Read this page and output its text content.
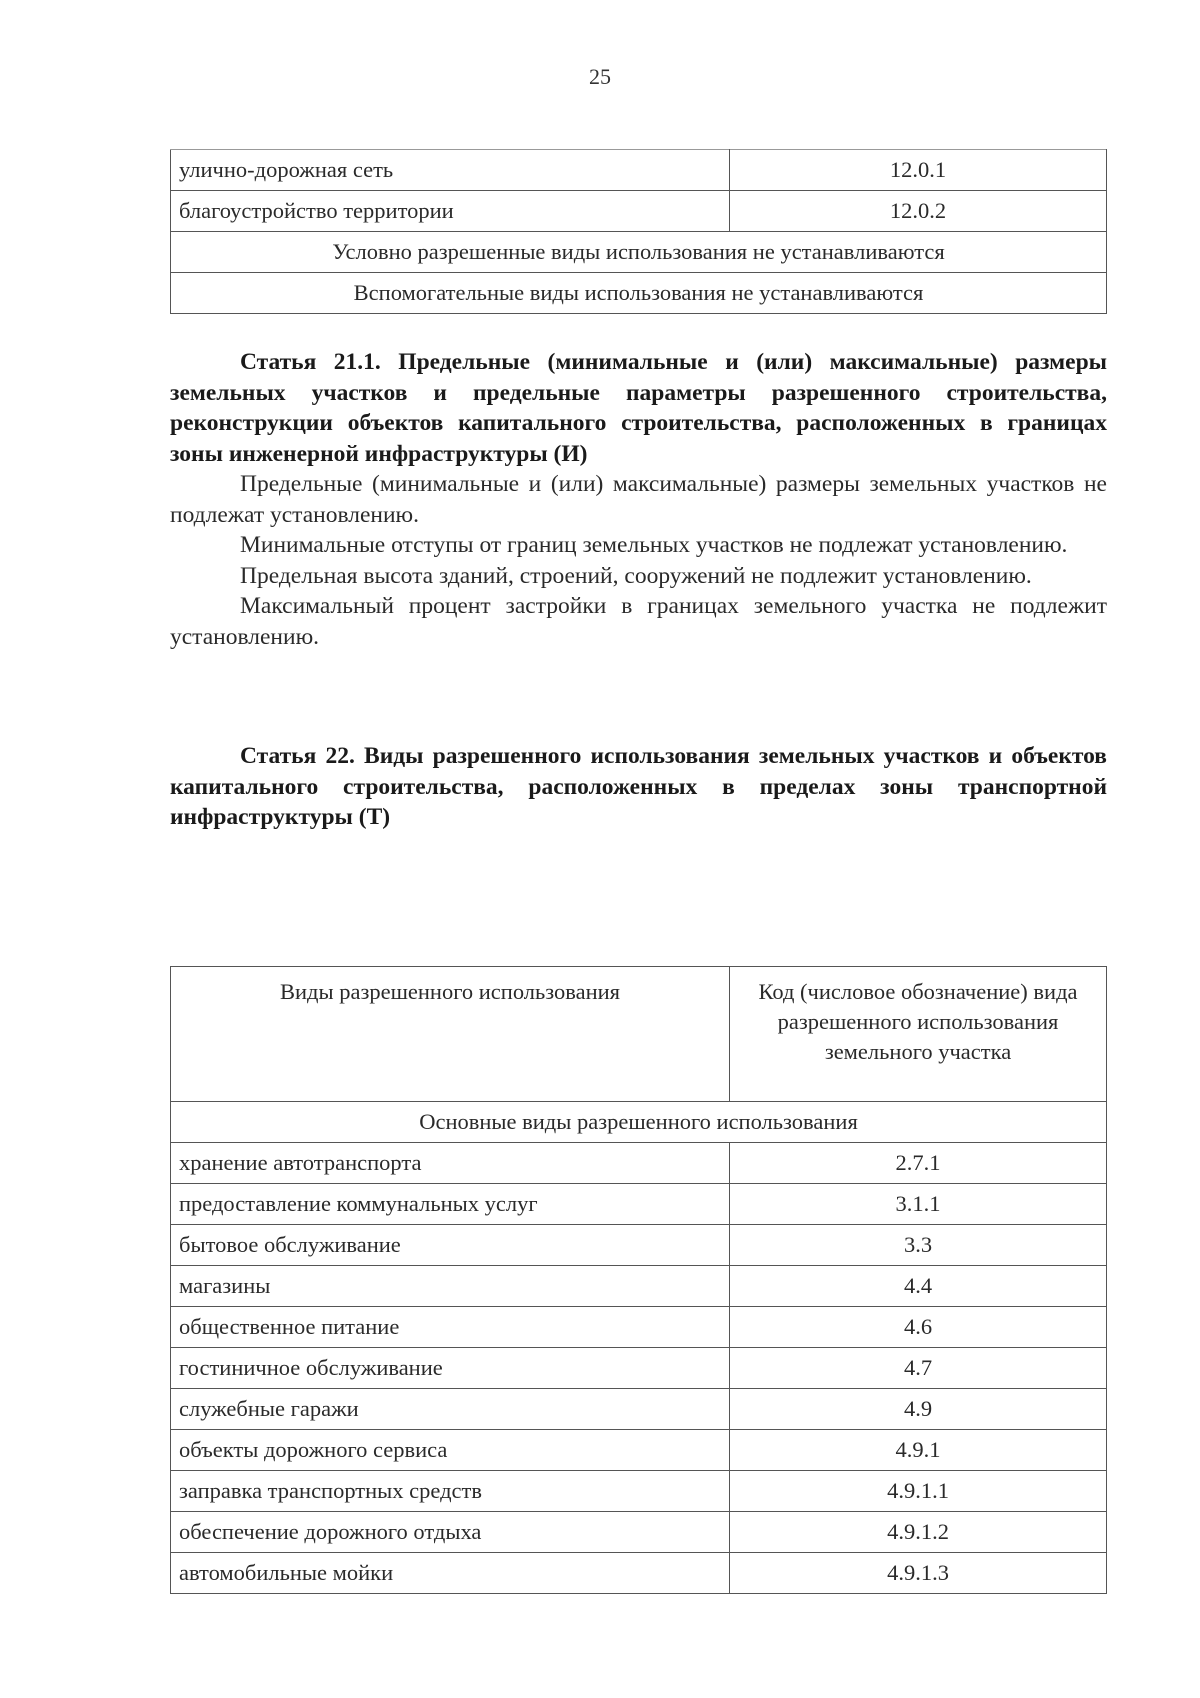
25
улично-дорожная сеть	12.0.1
благоустройство территории	12.0.2
Условно разрешенные виды использования не устанавливаются	
Вспомогательные виды использования не устанавливаются	
Статья 21.1. Предельные (минимальные и (или) максимальные) размеры земельных участков и предельные параметры разрешенного строительства, реконструкции объектов капитального строительства, расположенных в границах зоны инженерной инфраструктуры (И)

Предельные (минимальные и (или) максимальные) размеры земельных участков не подлежат установлению.

Минимальные отступы от границ земельных участков не подлежат установлению.

Предельная высота зданий, строений, сооружений не подлежит установлению.

Максимальный процент застройки в границах земельного участка не подлежит установлению.

Статья 22. Виды разрешенного использования земельных участков и объектов капитального строительства, расположенных в пределах зоны транспортной инфраструктуры (Т)
Виды разрешенного использования	Код (числовое обозначение) вида разрешенного использования земельного участка
Основные виды разрешенного использования	
хранение автотранспорта	2.7.1
предоставление коммунальных услуг	3.1.1
бытовое обслуживание	3.3
магазины	4.4
общественное питание	4.6
гостиничное обслуживание	4.7
служебные гаражи	4.9
объекты дорожного сервиса	4.9.1
заправка транспортных средств	4.9.1.1
обеспечение дорожного отдыха	4.9.1.2
автомобильные мойки	4.9.1.3
